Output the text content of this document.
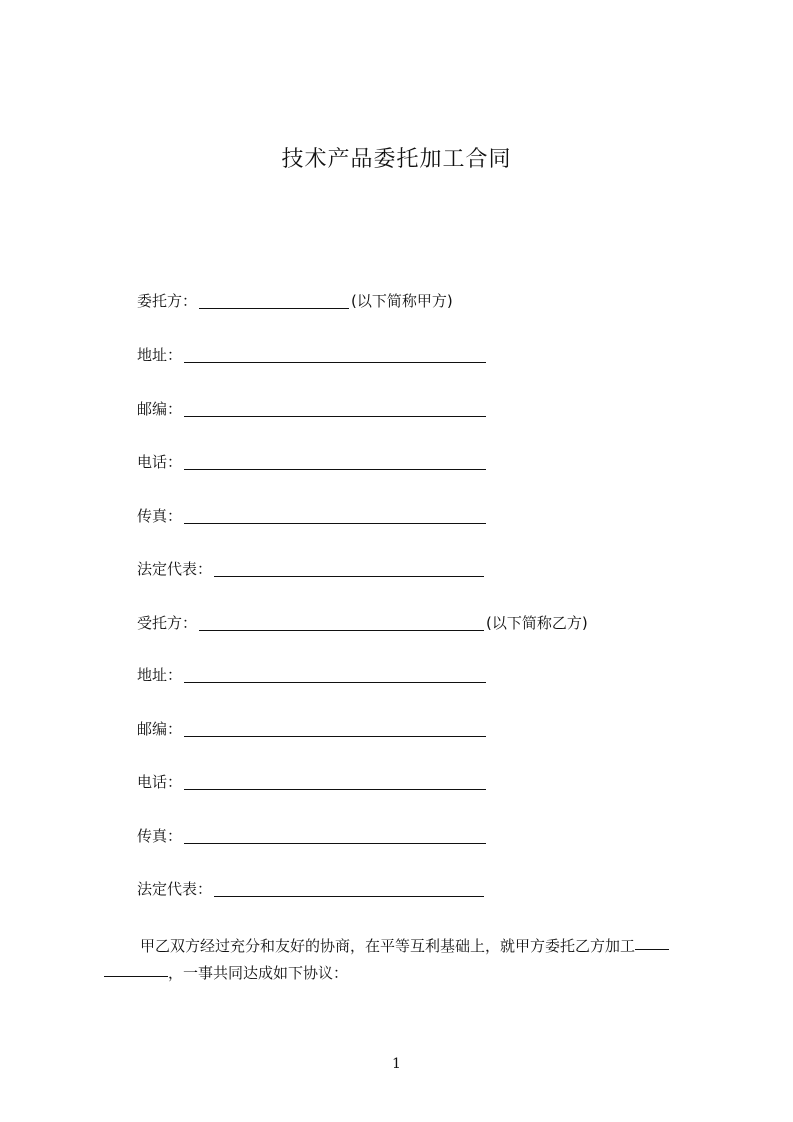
技术产品委托加工合同
委托方：	(以下简称甲方)
地址：
邮编：
电话：
传真：
法定代表：
受托方：	(以下简称乙方)
地址：
邮编：
电话：
传真：
法定代表：
甲乙双方经过充分和友好的协商，在平等互利基础上，就甲方委托乙方加工
，一事共同达成如下协议：
1
